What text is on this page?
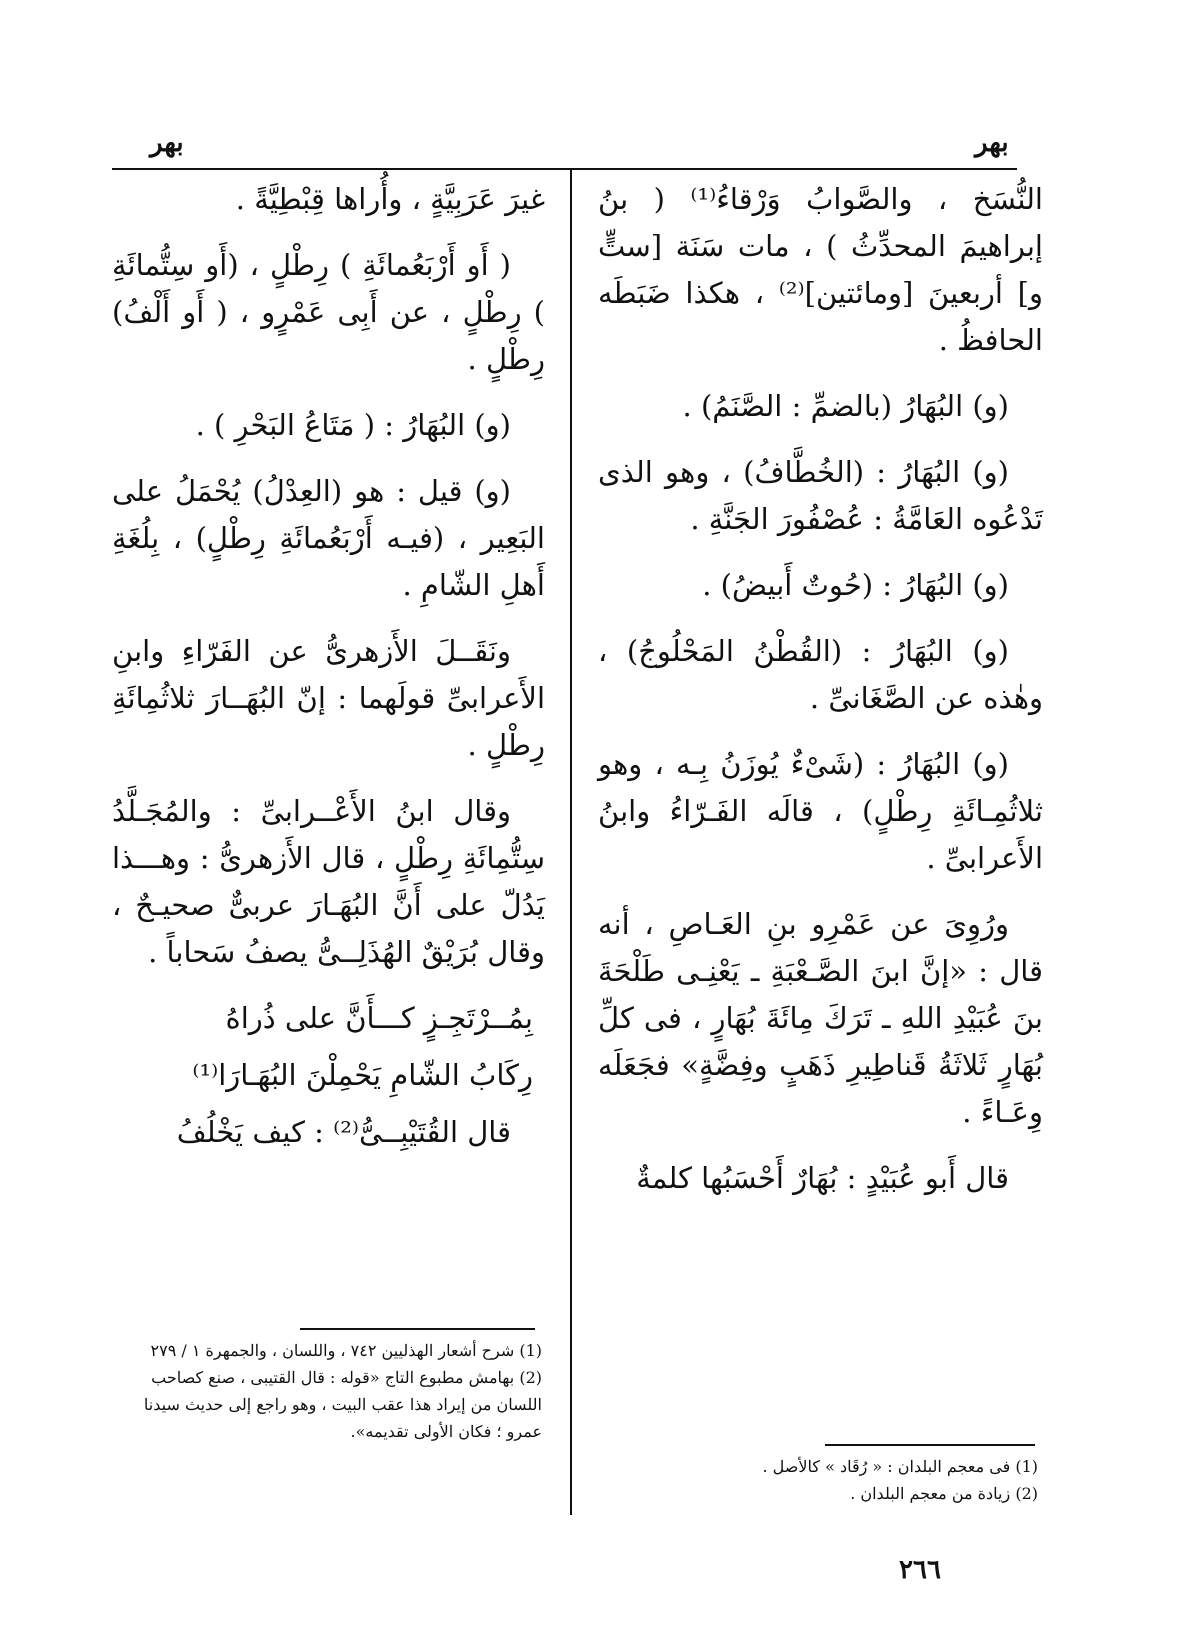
بهر
بهر

النُّسَخ ، والصَّوابُ وَرْقاءُ⁽¹⁾ ( بنُ إبراهيمَ المحدِّثُ ) ، مات سَنَة [ستٍّ و] أربعينَ [ومائتين]⁽²⁾ ، هكذا ضَبَطَه الحافظُ .

(و) البُهَارُ (بالضمِّ : الصَّنَمُ) .

(و) البُهَارُ : (الخُطَّافُ) ، وهو الذى تَدْعُوه العَامَّةُ : عُصْفُورَ الجَنَّةِ .

(و) البُهَارُ : (حُوتٌ أَبيضُ) .

(و) البُهَارُ : (القُطْنُ المَحْلُوجُ) ، وهٰذه عن الصَّغَانىِّ .

(و) البُهَارُ : (شَىْءٌ يُوزَنُ بِـه ، وهو ثلاثُمِـائَةِ رِطْلٍ) ، قالَه الفَـرّاءُ وابنُ الأَعرابىِّ .

ورُوِىَ عن عَمْرِو بنِ العَـاصِ ، أنه قال : «إنَّ ابنَ الصَّـعْبَةِ ـ يَعْنِـى طَلْحَةَ بنَ عُبَيْدِ اللهِ ـ تَرَكَ مِائَةَ بُهَارٍ ، فى كلِّ بُهَارٍ ثَلاثَةُ قَناطِيرِ ذَهَبٍ وفِضَّةٍ» فجَعَلَه وِعَـاءً .

قال أَبو عُبَيْدٍ : بُهَارٌ أَحْسَبُها كلمةٌ

غيرَ عَرَبِيَّةٍ ، وأُراها قِبْطِيَّةً .

( أَو أَرْبَعُمائَةِ ) رِطْلٍ ، (أَو سِتُّمائَةِ ) رِطْلٍ ، عن أَبِى عَمْرٍو ، ( أَو أَلْفُ) رِطْلٍ .

(و) البُهَارُ : ( مَتَاعُ البَحْرِ ) .

(و) قيل : هو (العِدْلُ) يُحْمَلُ على البَعِير ، (فيـه أَرْبَعُمائَةِ رِطْلٍ) ، بِلُغَةِ أَهلِ الشّامِ .

ونَقَــلَ الأَزهرىُّ عن الفَرّاءِ وابنِ الأَعرابىِّ قولَهما : إنّ البُهَــارَ ثلاثُمِائَةِ رِطْلٍ .

وقال ابنُ الأَعْــرابىِّ : والمُجَـلَّدُ سِتُّمِائَةِ رِطْلٍ ، قال الأَزهرىُّ : وهـــذا يَدُلّ على أَنَّ البُهَـارَ عربىٌّ صحيـحٌ ، وقال بُرَيْقٌ الهُذَلِــىُّ يصفُ سَحاباً .

بِمُــرْتَجِـزٍ كـــأَنَّ على ذُراهُ

رِكَابُ الشّامِ يَحْمِلْنَ البُهَـارَا⁽¹⁾

قال القُتَيْبِــىُّ⁽²⁾ : كيف يَخْلُفُ

(1) فى معجم البلدان : « رُقَاد » كالأصل .

(2) زيادة من معجم البلدان .

(1) شرح أشعار الهذليين ٧٤٢ ، واللسان ، والجمهرة ١ / ٢٧٩

(2) بهامش مطبوع التاج «قوله : قال القتيبى ، صنع كصاحب اللسان من إيراد هذا عقب البيت ، وهو راجع إلى حديث سيدنا عمرو ؛ فكان الأولى تقديمه».

٢٦٦
